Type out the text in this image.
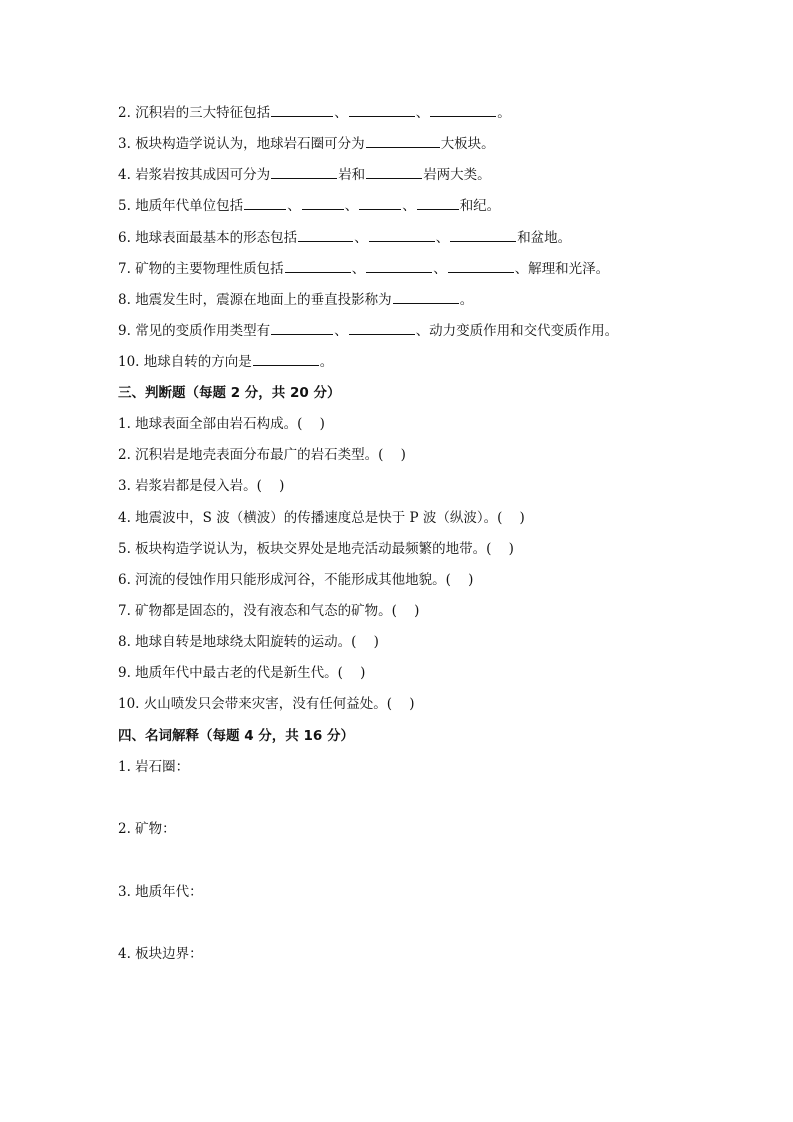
2. 沉积岩的三大特征包括	、	、	。
3. 板块构造学说认为，地球岩石圈可分为	大板块。
4. 岩浆岩按其成因可分为	岩和	岩两大类。
5. 地质年代单位包括	、	、	、	和纪。
6. 地球表面最基本的形态包括	、	、	和盆地。
7. 矿物的主要物理性质包括	、	、	、解理和光泽。
8. 地震发生时，震源在地面上的垂直投影称为	。
9. 常见的变质作用类型有	、	、动力变质作用和交代变质作用。
10. 地球自转的方向是	。
三、判断题（每题 2 分，共 20 分）
1. 地球表面全部由岩石构成。(    )
2. 沉积岩是地壳表面分布最广的岩石类型。(    )
3. 岩浆岩都是侵入岩。(    )
4. 地震波中，S 波（横波）的传播速度总是快于 P 波（纵波）。(    )
5. 板块构造学说认为，板块交界处是地壳活动最频繁的地带。(    )
6. 河流的侵蚀作用只能形成河谷，不能形成其他地貌。(    )
7. 矿物都是固态的，没有液态和气态的矿物。(    )
8. 地球自转是地球绕太阳旋转的运动。(    )
9. 地质年代中最古老的代是新生代。(    )
10. 火山喷发只会带来灾害，没有任何益处。(    )
四、名词解释（每题 4 分，共 16 分）
1. 岩石圈：
2. 矿物：
3. 地质年代：
4. 板块边界：
